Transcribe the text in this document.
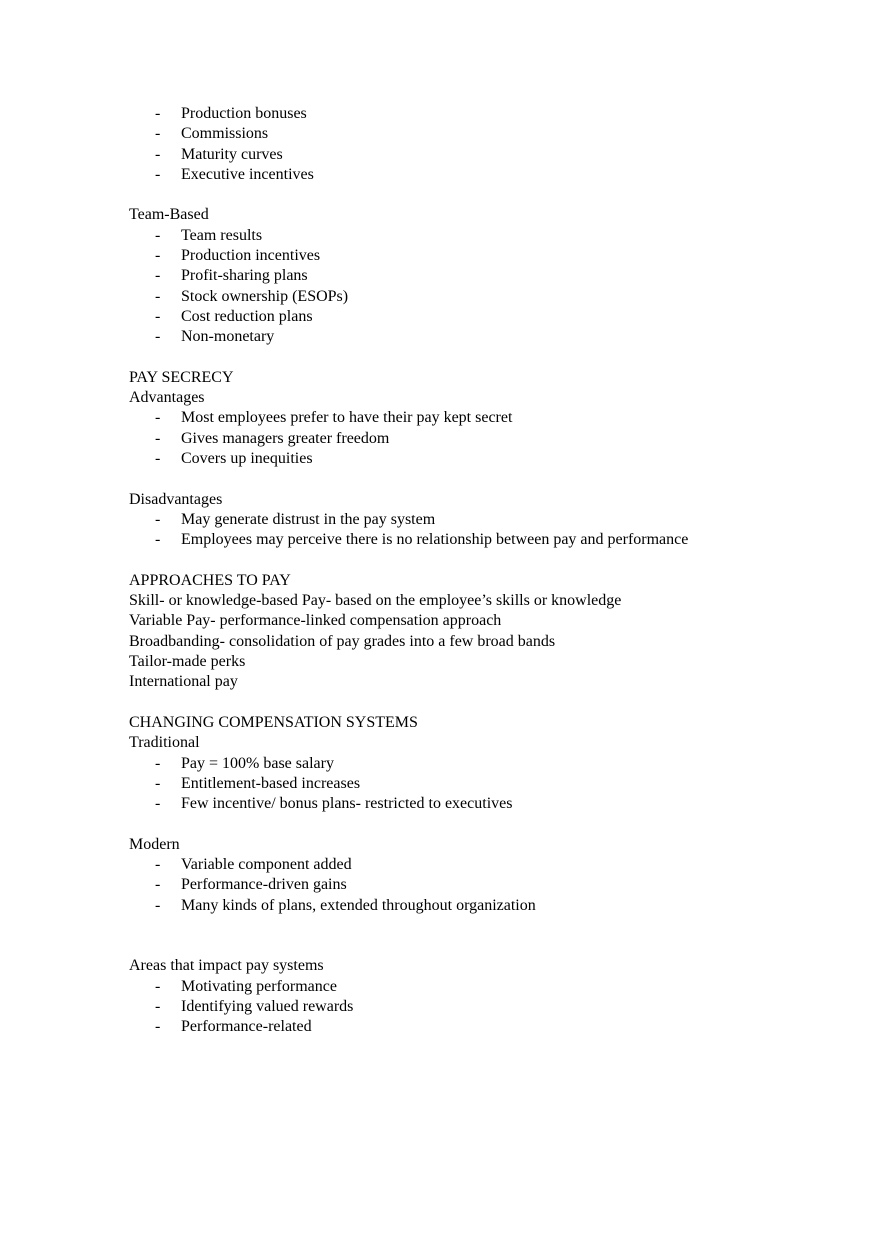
- Production bonuses
- Commissions
- Maturity curves
- Executive incentives
Team-Based
- Team results
- Production incentives
- Profit-sharing plans
- Stock ownership (ESOPs)
- Cost reduction plans
- Non-monetary
PAY SECRECY
Advantages
- Most employees prefer to have their pay kept secret
- Gives managers greater freedom
- Covers up inequities
Disadvantages
- May generate distrust in the pay system
- Employees may perceive there is no relationship between pay and performance
APPROACHES TO PAY
Skill- or knowledge-based Pay- based on the employee’s skills or knowledge
Variable Pay- performance-linked compensation approach
Broadbanding- consolidation of pay grades into a few broad bands
Tailor-made perks
International pay
CHANGING COMPENSATION SYSTEMS
Traditional
- Pay = 100% base salary
- Entitlement-based increases
- Few incentive/ bonus plans- restricted to executives
Modern
- Variable component added
- Performance-driven gains
- Many kinds of plans, extended throughout organization
Areas that impact pay systems
- Motivating performance
- Identifying valued rewards
- Performance-related
